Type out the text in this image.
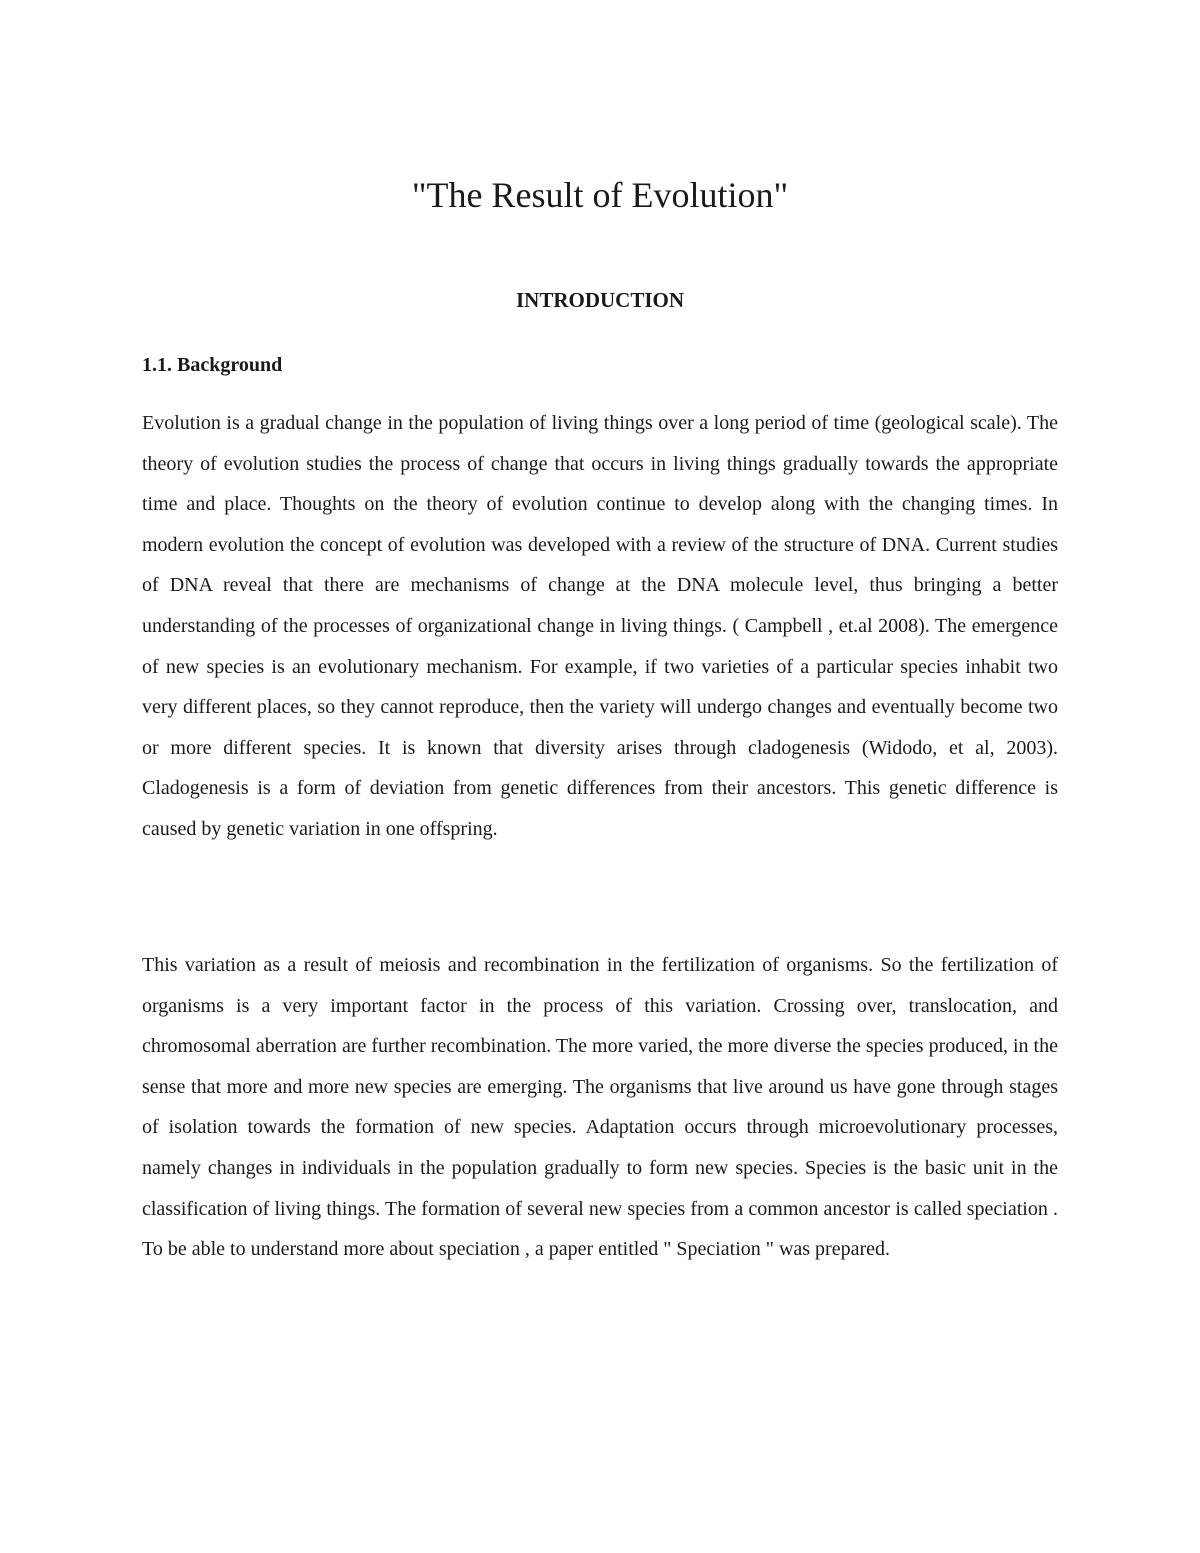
"The Result of Evolution"
INTRODUCTION
1.1. Background

Evolution is a gradual change in the population of living things over a long period of time (geological scale). The theory of evolution studies the process of change that occurs in living things gradually towards the appropriate time and place. Thoughts on the theory of evolution continue to develop along with the changing times. In modern evolution the concept of evolution was developed with a review of the structure of DNA. Current studies of DNA reveal that there are mechanisms of change at the DNA molecule level, thus bringing a better understanding of the processes of organizational change in living things. ( Campbell , et.al 2008). The emergence of new species is an evolutionary mechanism. For example, if two varieties of a particular species inhabit two very different places, so they cannot reproduce, then the variety will undergo changes and eventually become two or more different species. It is known that diversity arises through cladogenesis (Widodo, et al, 2003). Cladogenesis is a form of deviation from genetic differences from their ancestors. This genetic difference is caused by genetic variation in one offspring.

This variation as a result of meiosis and recombination in the fertilization of organisms. So the fertilization of organisms is a very important factor in the process of this variation. Crossing over, translocation, and chromosomal aberration are further recombination. The more varied, the more diverse the species produced, in the sense that more and more new species are emerging. The organisms that live around us have gone through stages of isolation towards the formation of new species. Adaptation occurs through microevolutionary processes, namely changes in individuals in the population gradually to form new species. Species is the basic unit in the classification of living things. The formation of several new species from a common ancestor is called speciation . To be able to understand more about speciation , a paper entitled " Speciation " was prepared.
